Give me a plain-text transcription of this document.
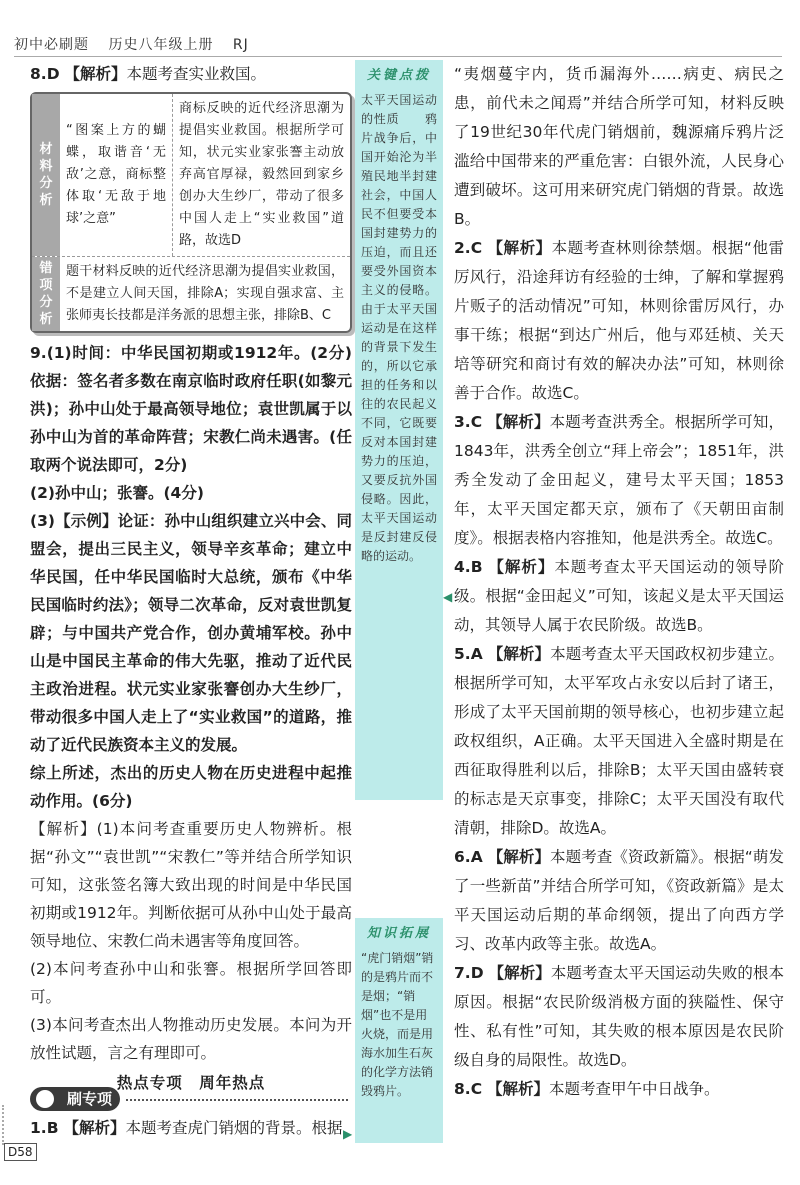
初中必刷题 历史八年级上册 RJ

8.D 【解析】本题考查实业救国。

材料分析
“图案上方的蝴蝶，取谐音‘无敌’之意，商标整体取‘无敌于地球’之意”
商标反映的近代经济思潮为提倡实业救国。根据所学可知，状元实业家张謇主动放弃高官厚禄，毅然回到家乡创办大生纱厂，带动了很多中国人走上“实业救国”道路，故选D
错项分析
题干材料反映的近代经济思潮为提倡实业救国，不是建立人间天国，排除A；实现自强求富、主张师夷长技都是洋务派的思想主张，排除B、C

9.(1)时间：中华民国初期或1912年。(2分)依据：签名者多数在南京临时政府任职(如黎元洪)；孙中山处于最高领导地位；袁世凯属于以孙中山为首的革命阵营；宋教仁尚未遇害。(任取两个说法即可，2分)

(2)孙中山；张謇。(4分)

(3)【示例】论证：孙中山组织建立兴中会、同盟会，提出三民主义，领导辛亥革命；建立中华民国，任中华民国临时大总统，颁布《中华民国临时约法》；领导二次革命，反对袁世凯复辟；与中国共产党合作，创办黄埔军校。孙中山是中国民主革命的伟大先驱，推动了近代民主政治进程。状元实业家张謇创办大生纱厂，带动很多中国人走上了“实业救国”的道路，推动了近代民族资本主义的发展。

综上所述，杰出的历史人物在历史进程中起推动作用。(6分)

【解析】(1)本问考查重要历史人物辨析。根据“孙文”“袁世凯”“宋教仁”等并结合所学知识可知，这张签名簿大致出现的时间是中华民国初期或1912年。判断依据可从孙中山处于最高领导地位、宋教仁尚未遇害等角度回答。

(2)本问考查孙中山和张謇。根据所学回答即可。

(3)本问考查杰出人物推动历史发展。本问为开放性试题，言之有理即可。

热点专项　周年热点

刷专项

1.B 【解析】本题考查虎门销烟的背景。根据

D58
关键点拨
太平天国运动的性质　　鸦片战争后，中国开始沦为半殖民地半封建社会，中国人民不但要受本国封建势力的压迫，而且还要受外国资本主义的侵略。由于太平天国运动是在这样的背景下发生的，所以它承担的任务和以往的农民起义不同，它既要反对本国封建势力的压迫，又要反抗外国侵略。因此，太平天国运动是反封建反侵略的运动。
知识拓展
“虎门销烟”销的是鸦片而不是烟；“销烟”也不是用火烧，而是用海水加生石灰的化学方法销毁鸦片。
◀
▶

“夷烟蔓宇内，货币漏海外……病吏、病民之患，前代未之闻焉”并结合所学可知，材料反映了19世纪30年代虎门销烟前，魏源痛斥鸦片泛滥给中国带来的严重危害：白银外流，人民身心遭到破坏。这可用来研究虎门销烟的背景。故选B。

2.C 【解析】本题考查林则徐禁烟。根据“他雷厉风行，沿途拜访有经验的士绅，了解和掌握鸦片贩子的活动情况”可知，林则徐雷厉风行，办事干练；根据“到达广州后，他与邓廷桢、关天培等研究和商讨有效的解决办法”可知，林则徐善于合作。故选C。

3.C 【解析】本题考查洪秀全。根据所学可知，1843年，洪秀全创立“拜上帝会”；1851年，洪秀全发动了金田起义，建号太平天国；1853年，太平天国定都天京，颁布了《天朝田亩制度》。根据表格内容推知，他是洪秀全。故选C。

4.B 【解析】本题考查太平天国运动的领导阶级。根据“金田起义”可知，该起义是太平天国运动，其领导人属于农民阶级。故选B。

5.A 【解析】本题考查太平天国政权初步建立。根据所学可知，太平军攻占永安以后封了诸王，形成了太平天国前期的领导核心，也初步建立起政权组织，A正确。太平天国进入全盛时期是在西征取得胜利以后，排除B；太平天国由盛转衰的标志是天京事变，排除C；太平天国没有取代清朝，排除D。故选A。

6.A 【解析】本题考查《资政新篇》。根据“萌发了一些新苗”并结合所学可知，《资政新篇》是太平天国运动后期的革命纲领，提出了向西方学习、改革内政等主张。故选A。

7.D 【解析】本题考查太平天国运动失败的根本原因。根据“农民阶级消极方面的狭隘性、保守性、私有性”可知，其失败的根本原因是农民阶级自身的局限性。故选D。

8.C 【解析】本题考查甲午中日战争。
